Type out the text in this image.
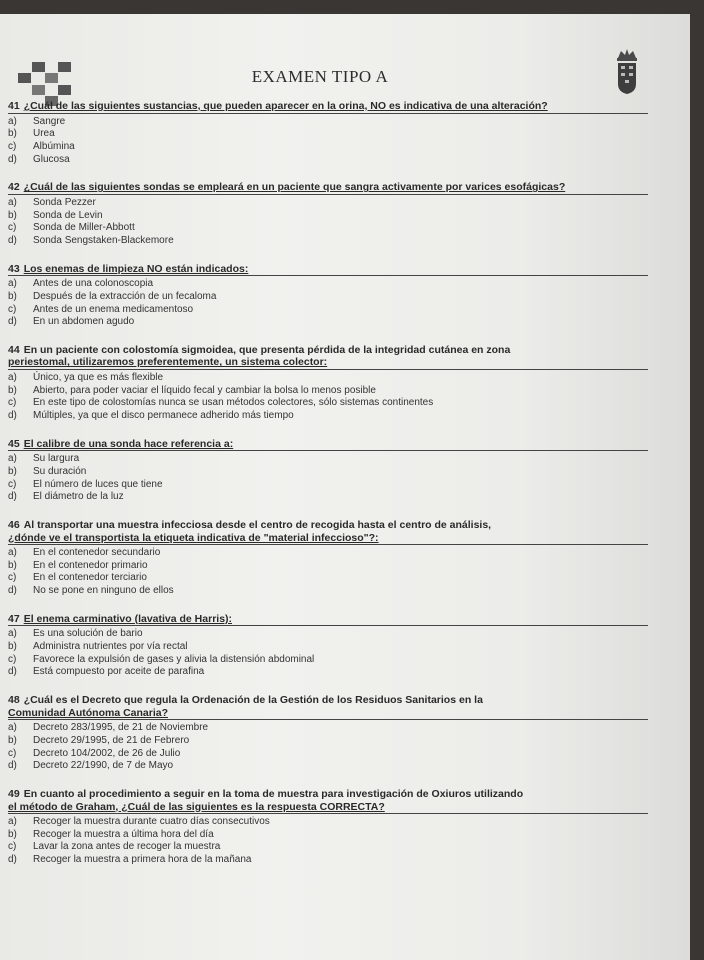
EXAMEN TIPO A
41 ¿Cuál de las siguientes sustancias, que pueden aparecer en la orina, NO es indicativa de una alteración?
a) Sangre
b) Urea
c) Albúmina
d) Glucosa
42 ¿Cuál de las siguientes sondas se empleará en un paciente que sangra activamente por varices esofágicas?
a) Sonda Pezzer
b) Sonda de Levin
c) Sonda de Miller-Abbott
d) Sonda Sengstaken-Blackemore
43 Los enemas de limpieza NO están indicados:
a) Antes de una colonoscopia
b) Después de la extracción de un fecaloma
c) Antes de un enema medicamentoso
d) En un abdomen agudo
44 En un paciente con colostomía sigmoidea, que presenta pérdida de la integridad cutánea en zona
periestomal, utilizaremos preferentemente, un sistema colector:
a) Único, ya que es más flexible
b) Abierto, para poder vaciar el líquido fecal y cambiar la bolsa lo menos posible
c) En este tipo de colostomías nunca se usan métodos colectores, sólo sistemas continentes
d) Múltiples, ya que el disco permanece adherido más tiempo
45 El calibre de una sonda hace referencia a:
a) Su largura
b) Su duración
c) El número de luces que tiene
d) El diámetro de la luz
46 Al transportar una muestra infecciosa desde el centro de recogida hasta el centro de análisis,
¿dónde ve el transportista la etiqueta indicativa de "material infeccioso"?:
a) En el contenedor secundario
b) En el contenedor primario
c) En el contenedor terciario
d) No se pone en ninguno de ellos
47 El enema carminativo (lavativa de Harris):
a) Es una solución de bario
b) Administra nutrientes por vía rectal
c) Favorece la expulsión de gases y alivia la distensión abdominal
d) Está compuesto por aceite de parafina
48 ¿Cuál es el Decreto que regula la Ordenación de la Gestión de los Residuos Sanitarios en la
Comunidad Autónoma Canaria?
a) Decreto 283/1995, de 21 de Noviembre
b) Decreto 29/1995, de 21 de Febrero
c) Decreto 104/2002, de 26 de Julio
d) Decreto 22/1990, de 7 de Mayo
49 En cuanto al procedimiento a seguir en la toma de muestra para investigación de Oxiuros utilizando
el método de Graham, ¿Cuál de las siguientes es la respuesta CORRECTA?
a) Recoger la muestra durante cuatro días consecutivos
b) Recoger la muestra a última hora del día
c) Lavar la zona antes de recoger la muestra
d) Recoger la muestra a primera hora de la mañana
